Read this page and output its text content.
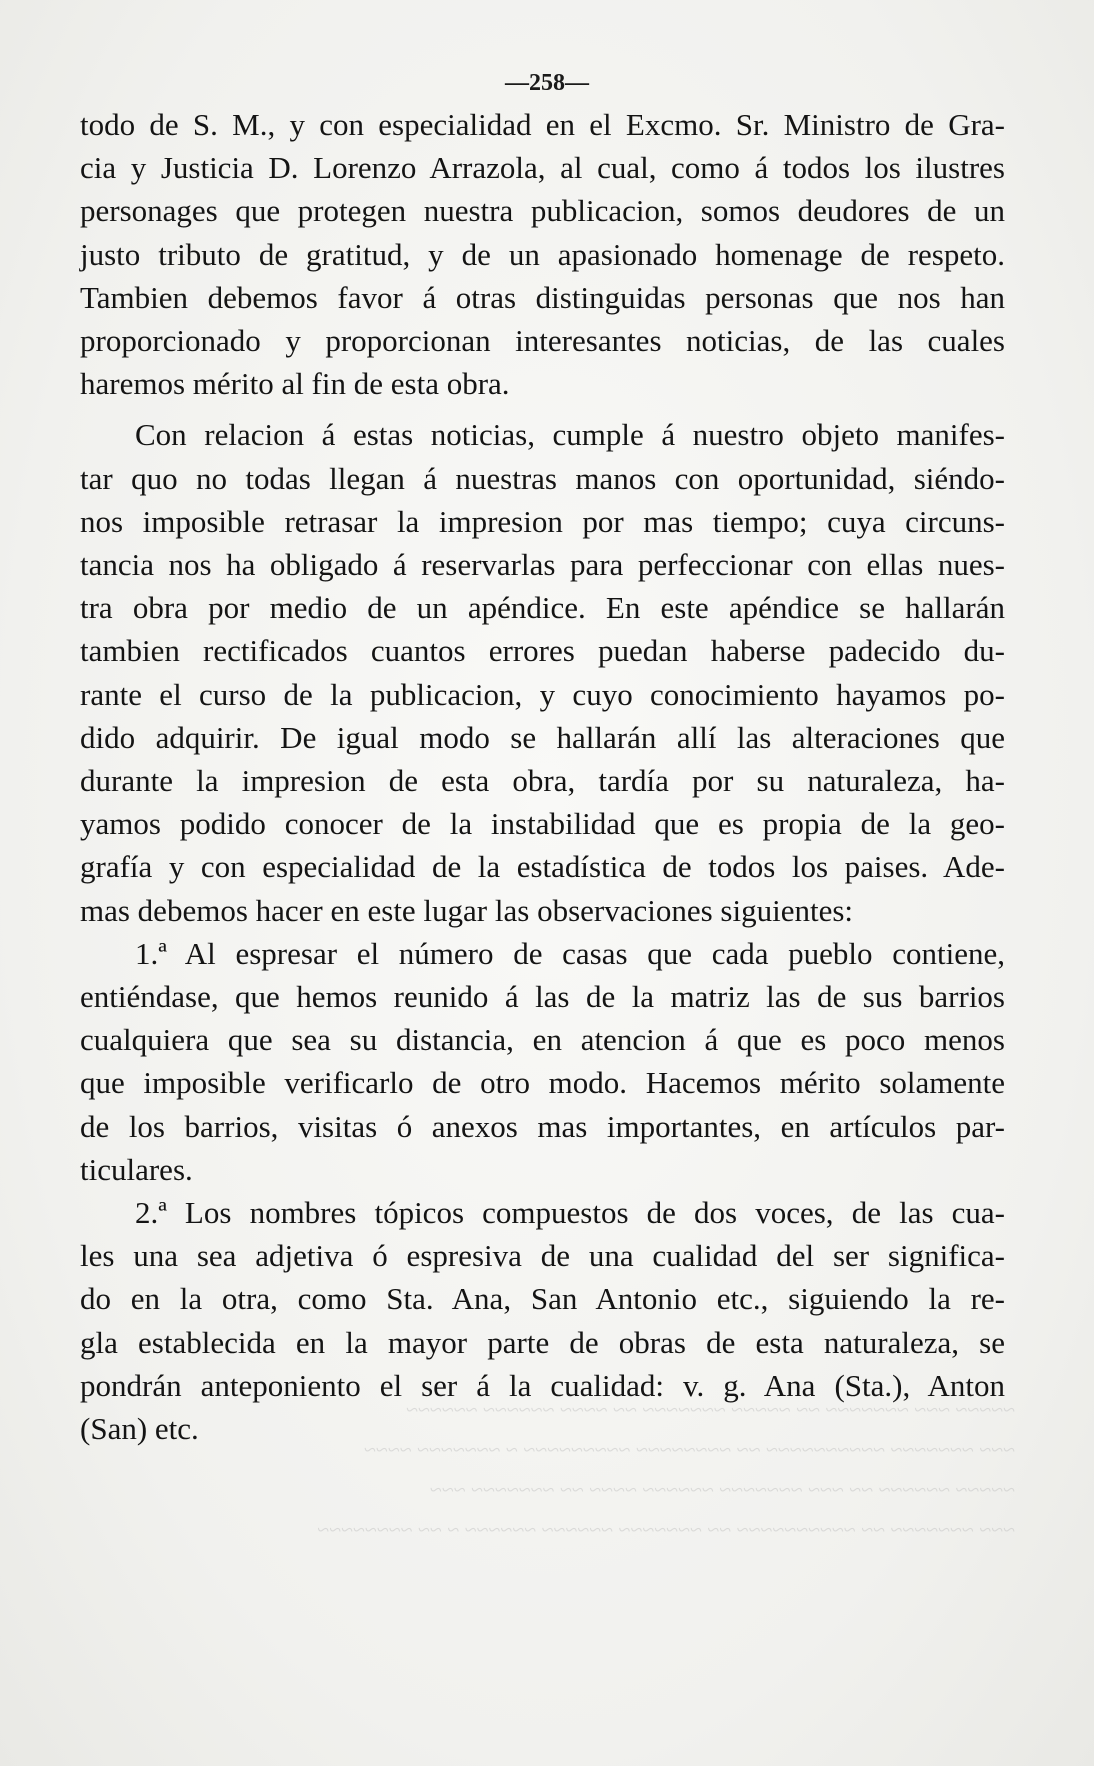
~~~~~ ~~~ ~~~~~~~ ~~ ~~~~~ ~~~~~~~ ~~ ~~~~ ~~~~~~ ~~~~~~
~~~ ~~~~~~~ ~~~~~~~~~~ ~~ ~~~~~~~~ ~~~~~~~~~ ~ ~~~~~~~ ~~~~
~~~~~ ~~~~~~ ~~ ~~~ ~~~~~~~ ~~~~~~ ~~~~ ~~ ~~~~~~~ ~~~
~~~ ~~~~~~~ ~~ ~~~~~~~~~~ ~~ ~~~~~~~ ~~~~~~ ~~~~~~ ~ ~~ ~~~~~~~~
—258—
todo de S. M., y con especialidad en el Excmo. Sr. Ministro de Gra-
cia y Justicia D. Lorenzo Arrazola, al cual, como á todos los ilustres
personages que protegen nuestra publicacion, somos deudores de un
justo tributo de gratitud, y de un apasionado homenage de respeto.
Tambien debemos favor á otras distinguidas personas que nos han
proporcionado y proporcionan interesantes noticias, de las cuales
haremos mérito al fin de esta obra.
Con relacion á estas noticias, cumple á nuestro objeto manifes-
tar quo no todas llegan á nuestras manos con oportunidad, siéndo-
nos imposible retrasar la impresion por mas tiempo; cuya circuns-
tancia nos ha obligado á reservarlas para perfeccionar con ellas nues-
tra obra por medio de un apéndice. En este apéndice se hallarán
tambien rectificados cuantos errores puedan haberse padecido du-
rante el curso de la publicacion, y cuyo conocimiento hayamos po-
dido adquirir. De igual modo se hallarán allí las alteraciones que
durante la impresion de esta obra, tardía por su naturaleza, ha-
yamos podido conocer de la instabilidad que es propia de la geo-
grafía y con especialidad de la estadística de todos los paises. Ade-
mas debemos hacer en este lugar las observaciones siguientes:
1.ª Al espresar el número de casas que cada pueblo contiene,
entiéndase, que hemos reunido á las de la matriz las de sus barrios
cualquiera que sea su distancia, en atencion á que es poco menos
que imposible verificarlo de otro modo. Hacemos mérito solamente
de los barrios, visitas ó anexos mas importantes, en artículos par-
ticulares.
2.ª Los nombres tópicos compuestos de dos voces, de las cua-
les una sea adjetiva ó espresiva de una cualidad del ser significa-
do en la otra, como Sta. Ana, San Antonio etc., siguiendo la re-
gla establecida en la mayor parte de obras de esta naturaleza, se
pondrán anteponiento el ser á la cualidad: v. g. Ana (Sta.), Anton
(San) etc.
